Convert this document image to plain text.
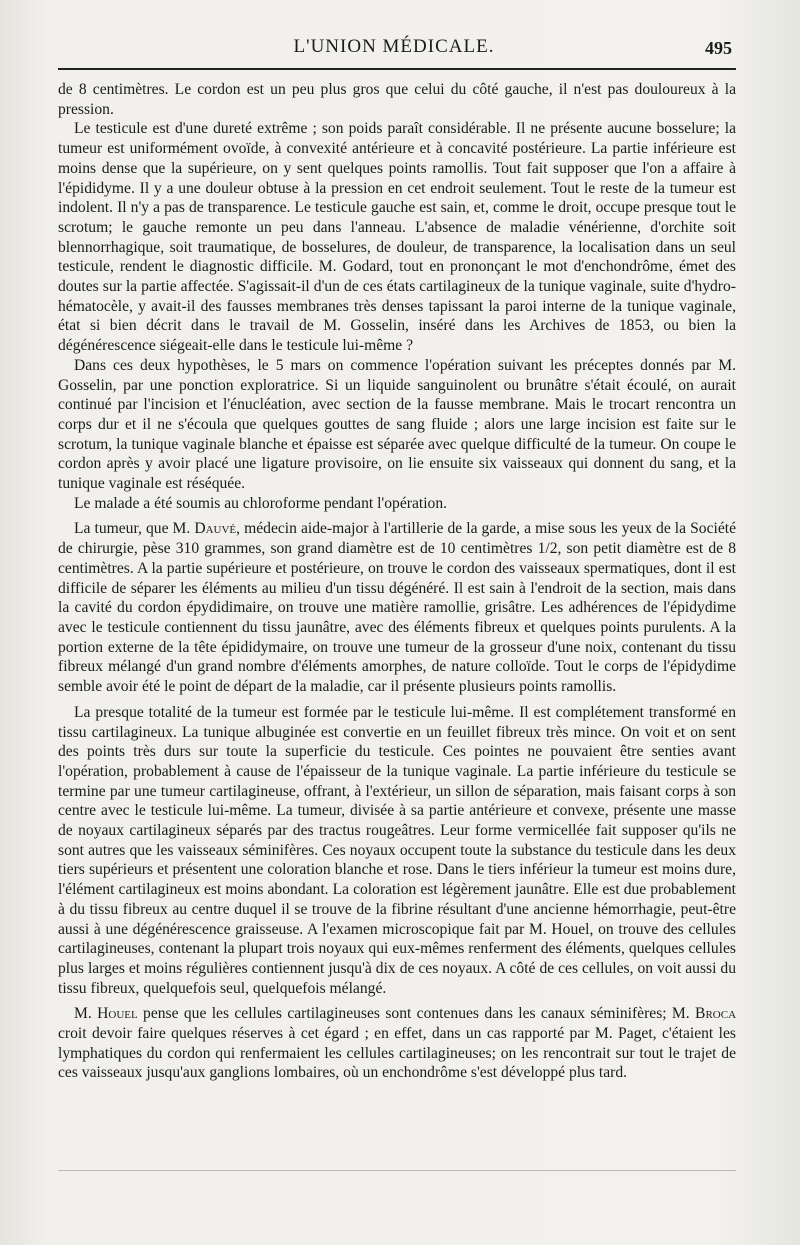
L'UNION MÉDICALE.	495

de 8 centimètres. Le cordon est un peu plus gros que celui du côté gauche, il n'est pas douloureux à la pression.

Le testicule est d'une dureté extrême ; son poids paraît considérable. Il ne présente aucune bosselure; la tumeur est uniformément ovoïde, à convexité antérieure et à concavité postérieure. La partie inférieure est moins dense que la supérieure, on y sent quelques points ramollis. Tout fait supposer que l'on a affaire à l'épididyme. Il y a une douleur obtuse à la pression en cet endroit seulement. Tout le reste de la tumeur est indolent. Il n'y a pas de transparence. Le testicule gauche est sain, et, comme le droit, occupe presque tout le scrotum; le gauche remonte un peu dans l'anneau. L'absence de maladie vénérienne, d'orchite soit blennorrhagique, soit traumatique, de bosselures, de douleur, de transparence, la localisation dans un seul testicule, rendent le diagnostic difficile. M. Godard, tout en prononçant le mot d'enchondrôme, émet des doutes sur la partie affectée. S'agissait-il d'un de ces états cartilagineux de la tunique vaginale, suite d'hydro-hématocèle, y avait-il des fausses membranes très denses tapissant la paroi interne de la tunique vaginale, état si bien décrit dans le travail de M. Gosselin, inséré dans les Archives de 1853, ou bien la dégénérescence siégeait-elle dans le testicule lui-même ?

Dans ces deux hypothèses, le 5 mars on commence l'opération suivant les préceptes donnés par M. Gosselin, par une ponction exploratrice. Si un liquide sanguinolent ou brunâtre s'était écoulé, on aurait continué par l'incision et l'énucléation, avec section de la fausse membrane. Mais le trocart rencontra un corps dur et il ne s'écoula que quelques gouttes de sang fluide ; alors une large incision est faite sur le scrotum, la tunique vaginale blanche et épaisse est séparée avec quelque difficulté de la tumeur. On coupe le cordon après y avoir placé une ligature provisoire, on lie ensuite six vaisseaux qui donnent du sang, et la tunique vaginale est réséquée.

Le malade a été soumis au chloroforme pendant l'opération.

La tumeur, que M. Dauvé, médecin aide-major à l'artillerie de la garde, a mise sous les yeux de la Société de chirurgie, pèse 310 grammes, son grand diamètre est de 10 centimètres 1/2, son petit diamètre est de 8 centimètres. A la partie supérieure et postérieure, on trouve le cordon des vaisseaux spermatiques, dont il est difficile de séparer les éléments au milieu d'un tissu dégénéré. Il est sain à l'endroit de la section, mais dans la cavité du cordon épydidimaire, on trouve une matière ramollie, grisâtre. Les adhérences de l'épidydime avec le testicule contiennent du tissu jaunâtre, avec des éléments fibreux et quelques points purulents. A la portion externe de la tête épididymaire, on trouve une tumeur de la grosseur d'une noix, contenant du tissu fibreux mélangé d'un grand nombre d'éléments amorphes, de nature colloïde. Tout le corps de l'épidydime semble avoir été le point de départ de la maladie, car il présente plusieurs points ramollis.

La presque totalité de la tumeur est formée par le testicule lui-même. Il est complétement transformé en tissu cartilagineux. La tunique albuginée est convertie en un feuillet fibreux très mince. On voit et on sent des points très durs sur toute la superficie du testicule. Ces pointes ne pouvaient être senties avant l'opération, probablement à cause de l'épaisseur de la tunique vaginale. La partie inférieure du testicule se termine par une tumeur cartilagineuse, offrant, à l'extérieur, un sillon de séparation, mais faisant corps à son centre avec le testicule lui-même. La tumeur, divisée à sa partie antérieure et convexe, présente une masse de noyaux cartilagineux séparés par des tractus rougeâtres. Leur forme vermicellée fait supposer qu'ils ne sont autres que les vaisseaux séminifères. Ces noyaux occupent toute la substance du testicule dans les deux tiers supérieurs et présentent une coloration blanche et rose. Dans le tiers inférieur la tumeur est moins dure, l'élément cartilagineux est moins abondant. La coloration est légèrement jaunâtre. Elle est due probablement à du tissu fibreux au centre duquel il se trouve de la fibrine résultant d'une ancienne hémorrhagie, peut-être aussi à une dégénérescence graisseuse. A l'examen microscopique fait par M. Houel, on trouve des cellules cartilagineuses, contenant la plupart trois noyaux qui eux-mêmes renferment des éléments, quelques cellules plus larges et moins régulières contiennent jusqu'à dix de ces noyaux. A côté de ces cellules, on voit aussi du tissu fibreux, quelquefois seul, quelquefois mélangé.

M. Houel pense que les cellules cartilagineuses sont contenues dans les canaux séminifères; M. Broca croit devoir faire quelques réserves à cet égard ; en effet, dans un cas rapporté par M. Paget, c'étaient les lymphatiques du cordon qui renfermaient les cellules cartilagineuses; on les rencontrait sur tout le trajet de ces vaisseaux jusqu'aux ganglions lombaires, où un enchondrôme s'est développé plus tard.
